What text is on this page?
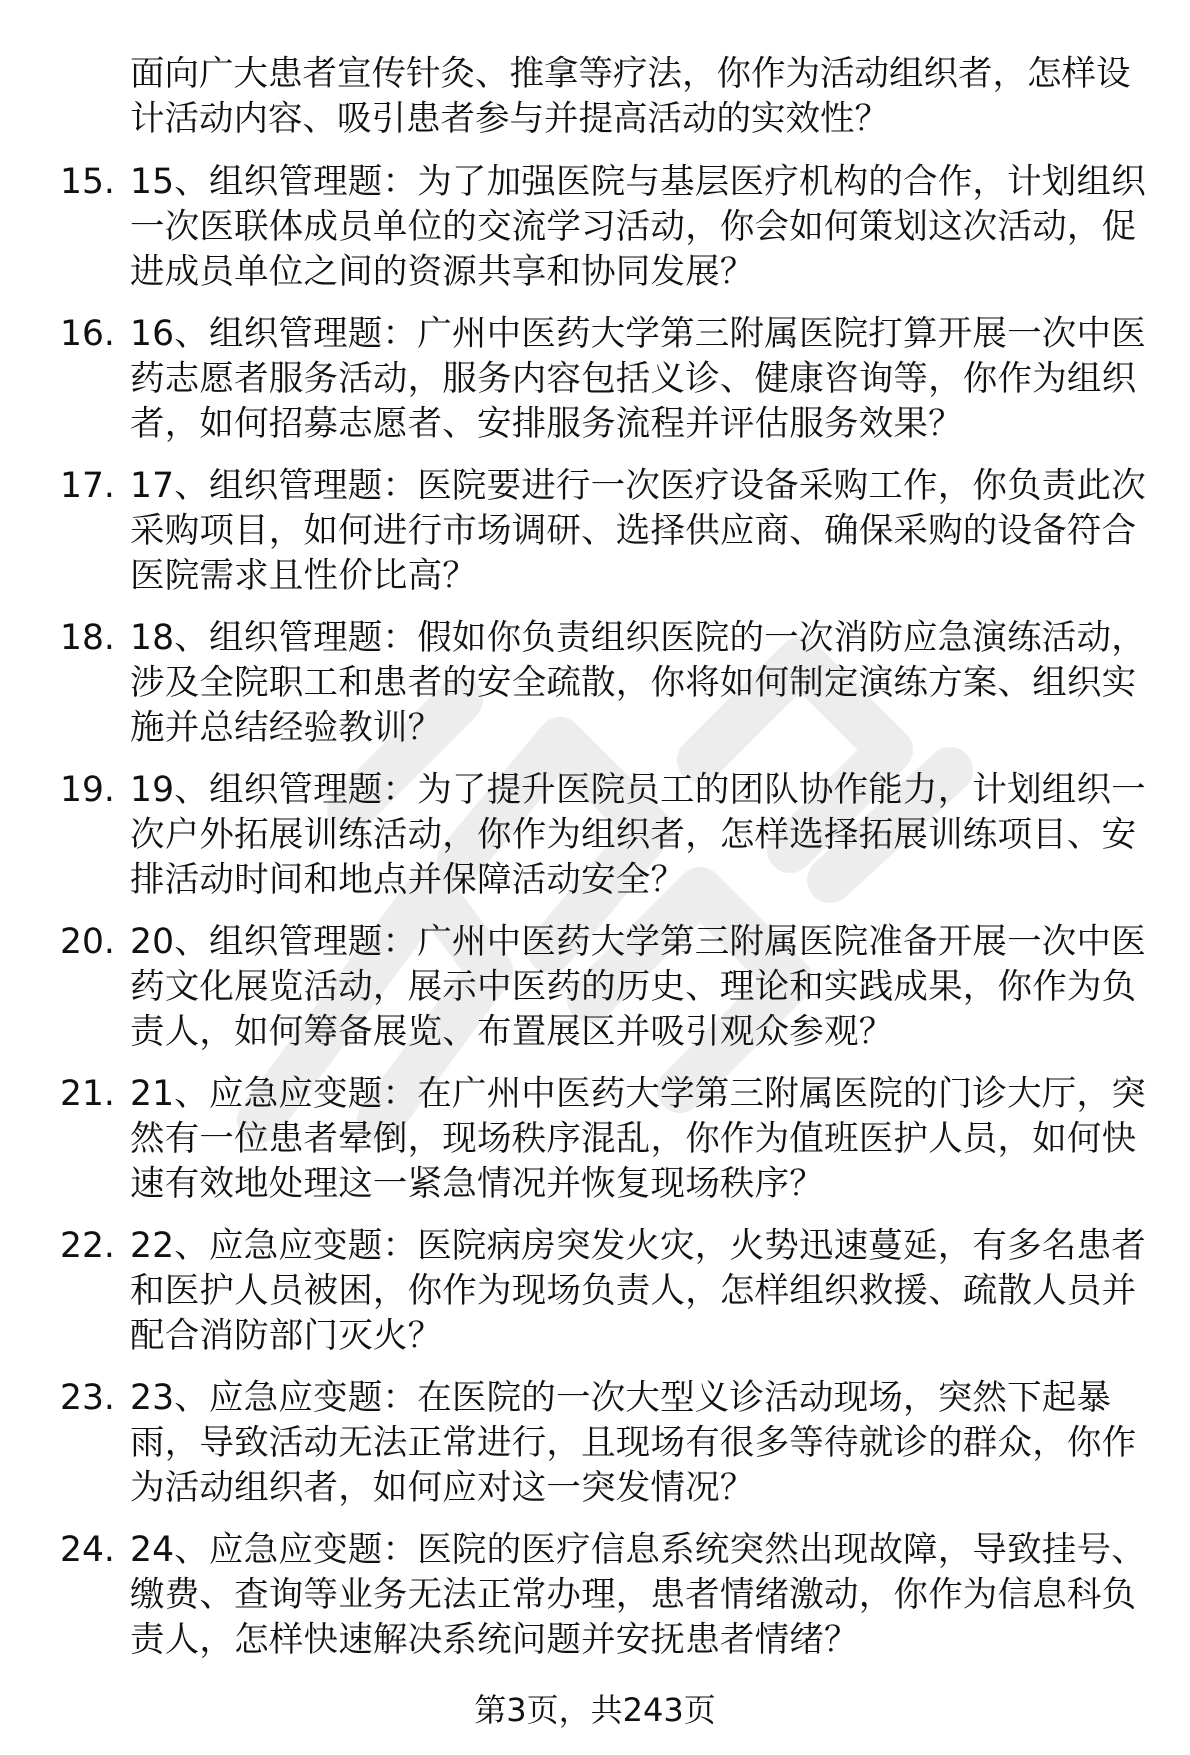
面向广大患者宣传针灸、推拿等疗法，你作为活动组织者，怎样设计活动内容、吸引患者参与并提高活动的实效性？
15. 15、组织管理题：为了加强医院与基层医疗机构的合作，计划组织一次医联体成员单位的交流学习活动，你会如何策划这次活动，促进成员单位之间的资源共享和协同发展？
16. 16、组织管理题：广州中医药大学第三附属医院打算开展一次中医药志愿者服务活动，服务内容包括义诊、健康咨询等，你作为组织者，如何招募志愿者、安排服务流程并评估服务效果？
17. 17、组织管理题：医院要进行一次医疗设备采购工作，你负责此次采购项目，如何进行市场调研、选择供应商、确保采购的设备符合医院需求且性价比高？
18. 18、组织管理题：假如你负责组织医院的一次消防应急演练活动，涉及全院职工和患者的安全疏散，你将如何制定演练方案、组织实施并总结经验教训？
19. 19、组织管理题：为了提升医院员工的团队协作能力，计划组织一次户外拓展训练活动，你作为组织者，怎样选择拓展训练项目、安排活动时间和地点并保障活动安全？
20. 20、组织管理题：广州中医药大学第三附属医院准备开展一次中医药文化展览活动，展示中医药的历史、理论和实践成果，你作为负责人，如何筹备展览、布置展区并吸引观众参观？
21. 21、应急应变题：在广州中医药大学第三附属医院的门诊大厅，突然有一位患者晕倒，现场秩序混乱，你作为值班医护人员，如何快速有效地处理这一紧急情况并恢复现场秩序？
22. 22、应急应变题：医院病房突发火灾，火势迅速蔓延，有多名患者和医护人员被困，你作为现场负责人，怎样组织救援、疏散人员并配合消防部门灭火？
23. 23、应急应变题：在医院的一次大型义诊活动现场，突然下起暴雨，导致活动无法正常进行，且现场有很多等待就诊的群众，你作为活动组织者，如何应对这一突发情况？
24. 24、应急应变题：医院的医疗信息系统突然出现故障，导致挂号、缴费、查询等业务无法正常办理，患者情绪激动，你作为信息科负责人，怎样快速解决系统问题并安抚患者情绪？
第3页，共243页
